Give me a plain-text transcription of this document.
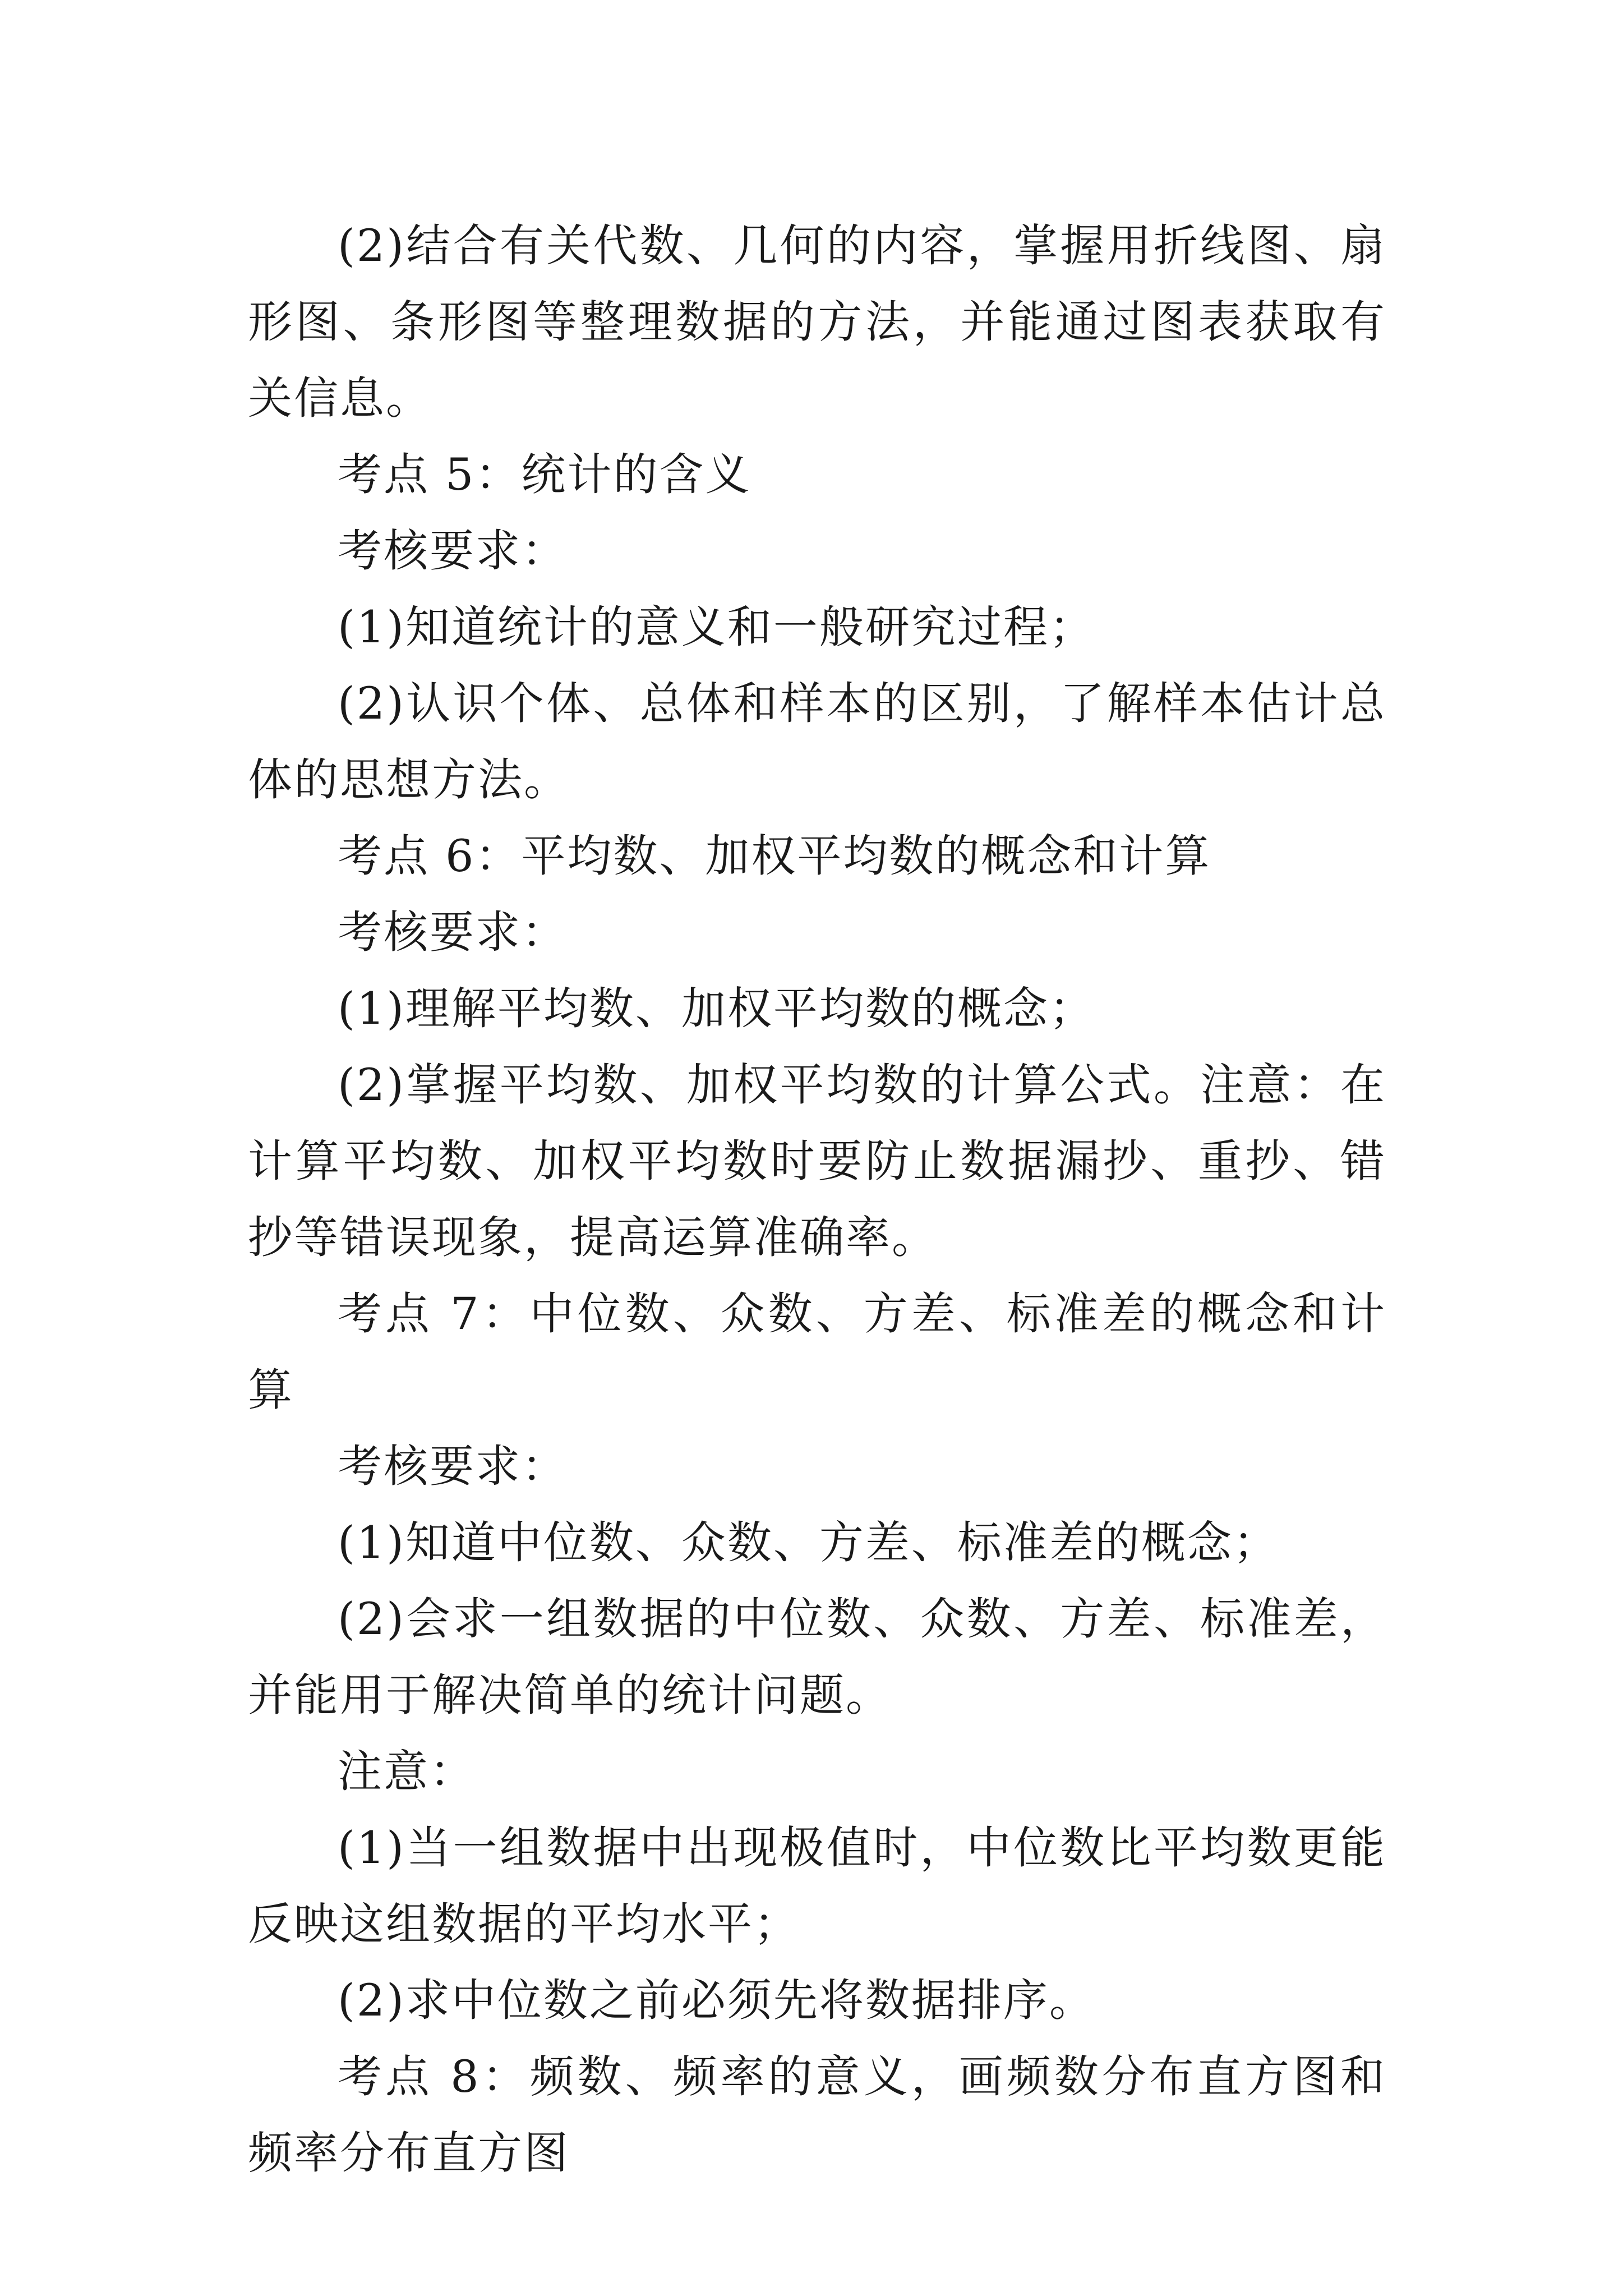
(2)结合有关代数、几何的内容，掌握用折线图、扇形图、条形图等整理数据的方法，并能通过图表获取有关信息。

考点 5：统计的含义

考核要求：

(1)知道统计的意义和一般研究过程；

(2)认识个体、总体和样本的区别，了解样本估计总体的思想方法。

考点 6：平均数、加权平均数的概念和计算

考核要求：

(1)理解平均数、加权平均数的概念；

(2)掌握平均数、加权平均数的计算公式。注意：在计算平均数、加权平均数时要防止数据漏抄、重抄、错抄等错误现象，提高运算准确率。

考点 7：中位数、众数、方差、标准差的概念和计算

考核要求：

(1)知道中位数、众数、方差、标准差的概念；

(2)会求一组数据的中位数、众数、方差、标准差，并能用于解决简单的统计问题。

注意：

(1)当一组数据中出现极值时，中位数比平均数更能反映这组数据的平均水平；

(2)求中位数之前必须先将数据排序。

考点 8：频数、频率的意义，画频数分布直方图和频率分布直方图
